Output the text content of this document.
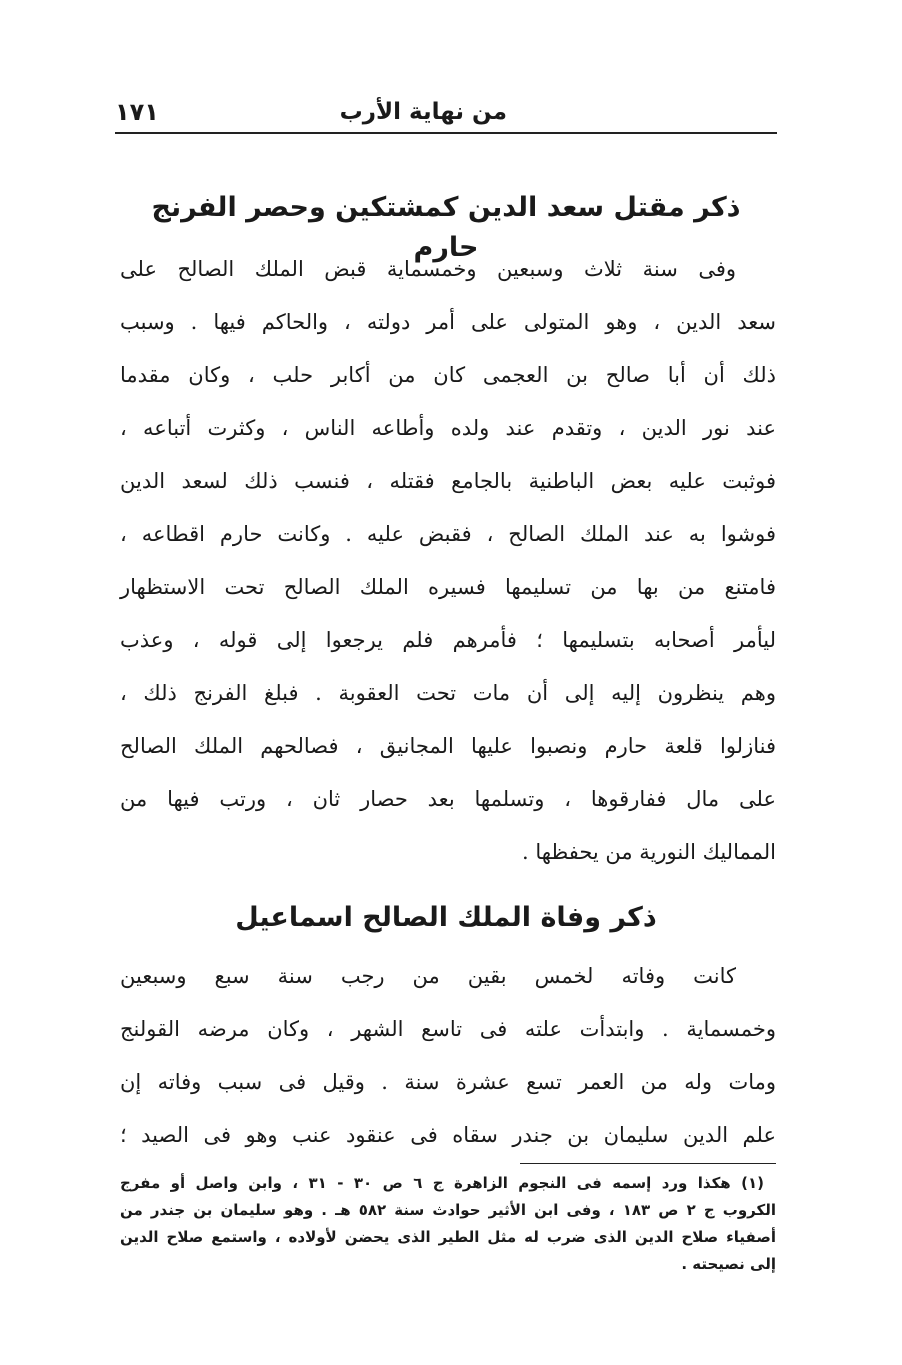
من نهاية الأرب
١٧١
ذكر مقتل سعد الدين كمشتكين وحصر الفرنج حارم
وفى سنة ثلاث وسبعين وخمسماية قبض الملك الصالح على
سعد الدين ، وهو المتولى على أمر دولته ، والحاكم فيها . وسبب
ذلك أن أبا صالح بن العجمى كان من أكابر حلب ، وكان مقدما
عند نور الدين ، وتقدم عند ولده وأطاعه الناس ، وكثرت أتباعه ،
فوثبت عليه بعض الباطنية بالجامع فقتله ، فنسب ذلك لسعد الدين
فوشوا به عند الملك الصالح ، فقبض عليه . وكانت حارم اقطاعه ،
فامتنع من بها من تسليمها فسيره الملك الصالح تحت الاستظهار
ليأمر أصحابه بتسليمها ؛ فأمرهم فلم يرجعوا إلى قوله ، وعذب
وهم ينظرون إليه إلى أن مات تحت العقوبة . فبلغ الفرنج ذلك ،
فنازلوا قلعة حارم ونصبوا عليها المجانيق ، فصالحهم الملك الصالح
على مال ففارقوها ، وتسلمها بعد حصار ثان ، ورتب فيها من
المماليك النورية من يحفظها .
ذكر وفاة الملك الصالح اسماعيل
كانت وفاته لخمس بقين من رجب سنة سبع وسبعين
وخمسماية . وابتدأت علته فى تاسع الشهر ، وكان مرضه القولنج
ومات وله من العمر تسع عشرة سنة . وقيل فى سبب وفاته إن
علم الدين سليمان بن جندر سقاه فى عنقود عنب وهو فى الصيد ؛
(١) هكذا ورد إسمه فى النجوم الزاهرة ج ٦ ص ٣٠ - ٣١ ، وابن واصل أو مفرج
الكروب ج ٢ ص ١٨٣ ، وفى ابن الأثير حوادث سنة ٥٨٢ هـ . وهو سليمان بن جندر من
أصفياء صلاح الدين الذى ضرب له مثل الطير الذى يحضن لأولاده ، واستمع صلاح الدين
إلى نصيحته .
